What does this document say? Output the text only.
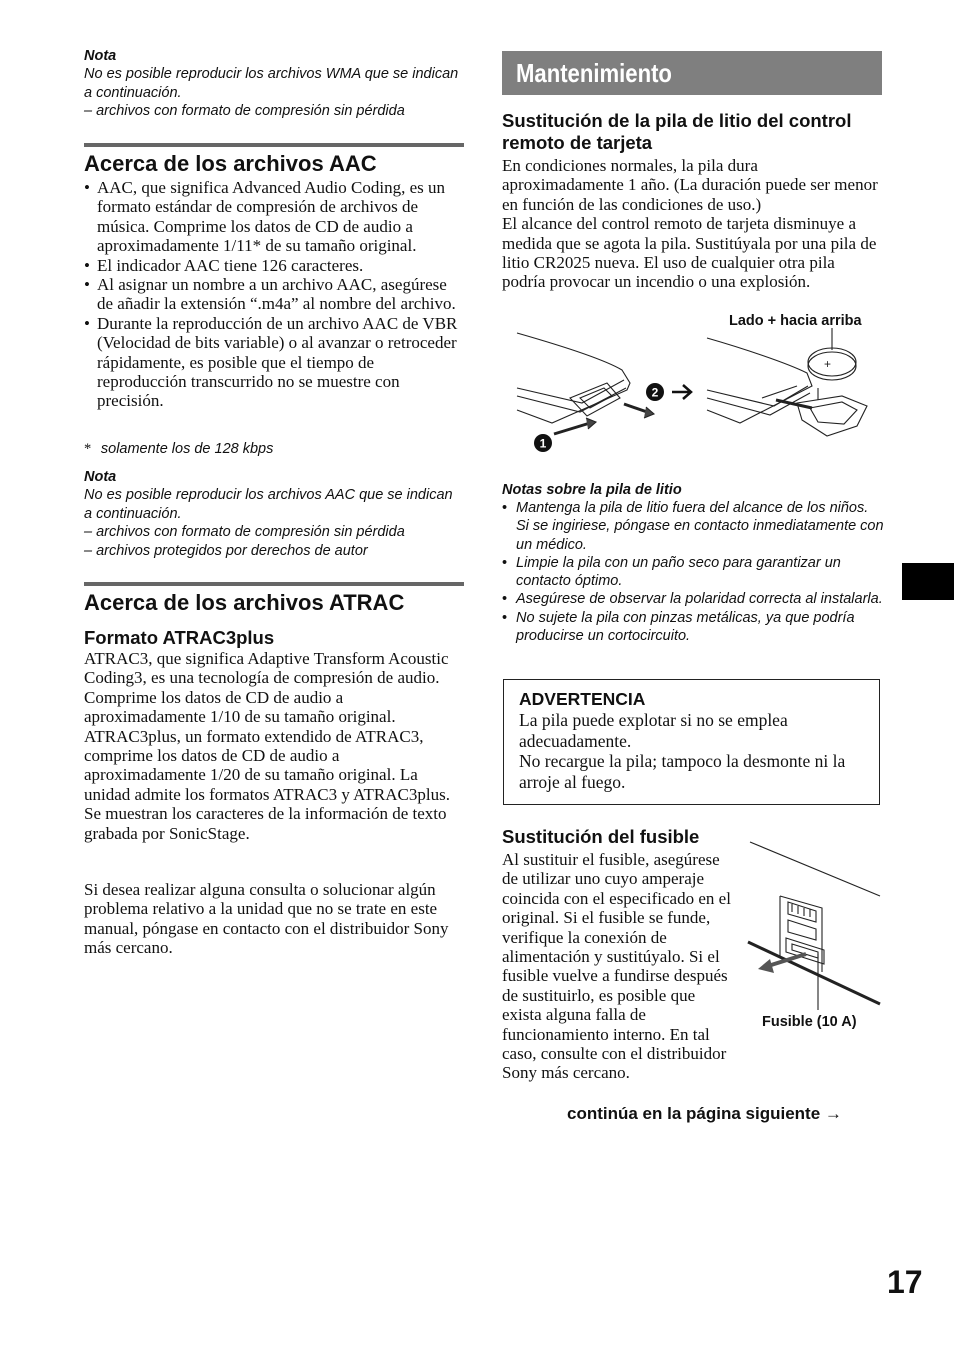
Nota

No es posible reproducir los archivos WMA que se indican a continuación.

– archivos con formato de compresión sin pérdida

Acerca de los archivos AAC
• AAC, que significa Advanced Audio Coding, es un formato estándar de compresión de archivos de música. Comprime los datos de CD de audio a aproximadamente 1/11* de su tamaño original.
• El indicador AAC tiene 126 caracteres.
• Al asignar un nombre a un archivo AAC, asegúrese de añadir la extensión “.m4a” al nombre del archivo.
• Durante la reproducción de un archivo AAC de VBR (Velocidad de bits variable) o al avanzar o retroceder rápidamente, es posible que el tiempo de reproducción transcurrido no se muestre con precisión.
* solamente los de 128 kbps
Nota

No es posible reproducir los archivos AAC que se indican a continuación.

– archivos con formato de compresión sin pérdida

– archivos protegidos por derechos de autor

Acerca de los archivos ATRAC
Formato ATRAC3plus

ATRAC3, que significa Adaptive Transform Acoustic Coding3, es una tecnología de compresión de audio. Comprime los datos de CD de audio a aproximadamente 1/10 de su tamaño original. ATRAC3plus, un formato extendido de ATRAC3, comprime los datos de CD de audio a aproximadamente 1/20 de su tamaño original. La unidad admite los formatos ATRAC3 y ATRAC3plus.

Se muestran los caracteres de la información de texto grabada por SonicStage.

Si desea realizar alguna consulta o solucionar algún problema relativo a la unidad que no se trate en este manual, póngase en contacto con el distribuidor Sony más cercano.

Mantenimiento
Sustitución de la pila de litio del control remoto de tarjeta

En condiciones normales, la pila dura aproximadamente 1 año. (La duración puede ser menor en función de las condiciones de uso.)

El alcance del control remoto de tarjeta disminuye a medida que se agota la pila. Sustitúyala por una pila de litio CR2025 nueva. El uso de cualquier otra pila podría provocar un incendio o una explosión.

Lado + hacia arriba
+
2
1
Notas sobre la pila de litio
• Mantenga la pila de litio fuera del alcance de los niños. Si se ingiriese, póngase en contacto inmediatamente con un médico.
• Limpie la pila con un paño seco para garantizar un contacto óptimo.
• Asegúrese de observar la polaridad correcta al instalarla.
• No sujete la pila con pinzas metálicas, ya que podría producirse un cortocircuito.
ADVERTENCIA

La pila puede explotar si no se emplea adecuadamente.

No recargue la pila; tampoco la desmonte ni la arroje al fuego.

Sustitución del fusible

Al sustituir el fusible, asegúrese de utilizar uno cuyo amperaje coincida con el especificado en el original. Si el fusible se funde, verifique la conexión de alimentación y sustitúyalo. Si el fusible vuelve a fundirse después de sustituirlo, es posible que exista alguna falla de funcionamiento interno. En tal caso, consulte con el distribuidor Sony más cercano.

Fusible (10 A)
continúa en la página siguiente →
17
